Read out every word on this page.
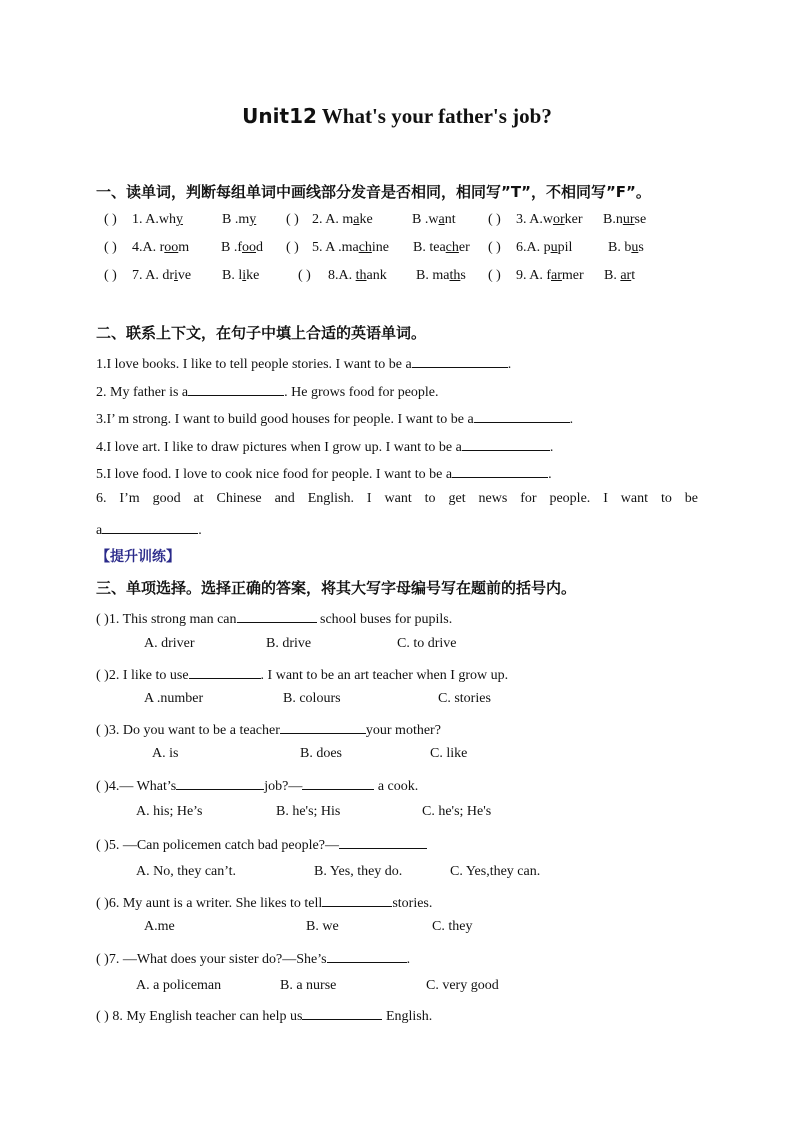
Unit12 What's your father's job?
一、读单词，判断每组单词中画线部分发音是否相同，相同写”T”，不相同写”F”。
( ) 1. A.why	B .my ( ) 2. A. make	B .want ( ) 3. A.worker B.nurse
( ) 4.A. room B .food ( ) 5. A .machine B. teacher ( ) 6.A. pupil	B. bus
( ) 7. A. drive B. like	( ) 8.A. thank B. maths ( ) 9. A. farmer B. art
二、联系上下文，在句子中填上合适的英语单词。
1.I love books. I like to tell people stories. I want to be a	.
2. My father is a	. He grows food for people.
3.I’ m strong. I want to build good houses for people. I want to be a	.
4.I love art. I like to draw pictures when I grow up. I want to be a	.
5.I love food. I love to cook nice food for people. I want to be a	.
6. I’m good at Chinese and English. I want to get news for people. I want to be
a	.
【提升训练】
三、单项选择。选择正确的答案，将其大写字母编号写在题前的括号内。
( )1. This strong man can	school buses for pupils.
A. driver	B. drive	C. to drive
( )2. I like to use	. I want to be an art teacher when I grow up.
A .number	B. colours	C. stories
( )3. Do you want to be a teacher	your mother?
A. is	B. does	C. like
( )4.— What’s	job?—	a cook.
A. his; He’s	B. he's; His	C. he's; He's
( )5. —Can policemen catch bad people?—
A. No, they can’t.	B. Yes, they do.	C. Yes,they can.
( )6. My aunt is a writer. She likes to tell	stories.
A.me	B. we	C. they
( )7. —What does your sister do?—She’s	.
A. a policeman	B. a nurse	C. very good
( ) 8. My English teacher can help us	English.
